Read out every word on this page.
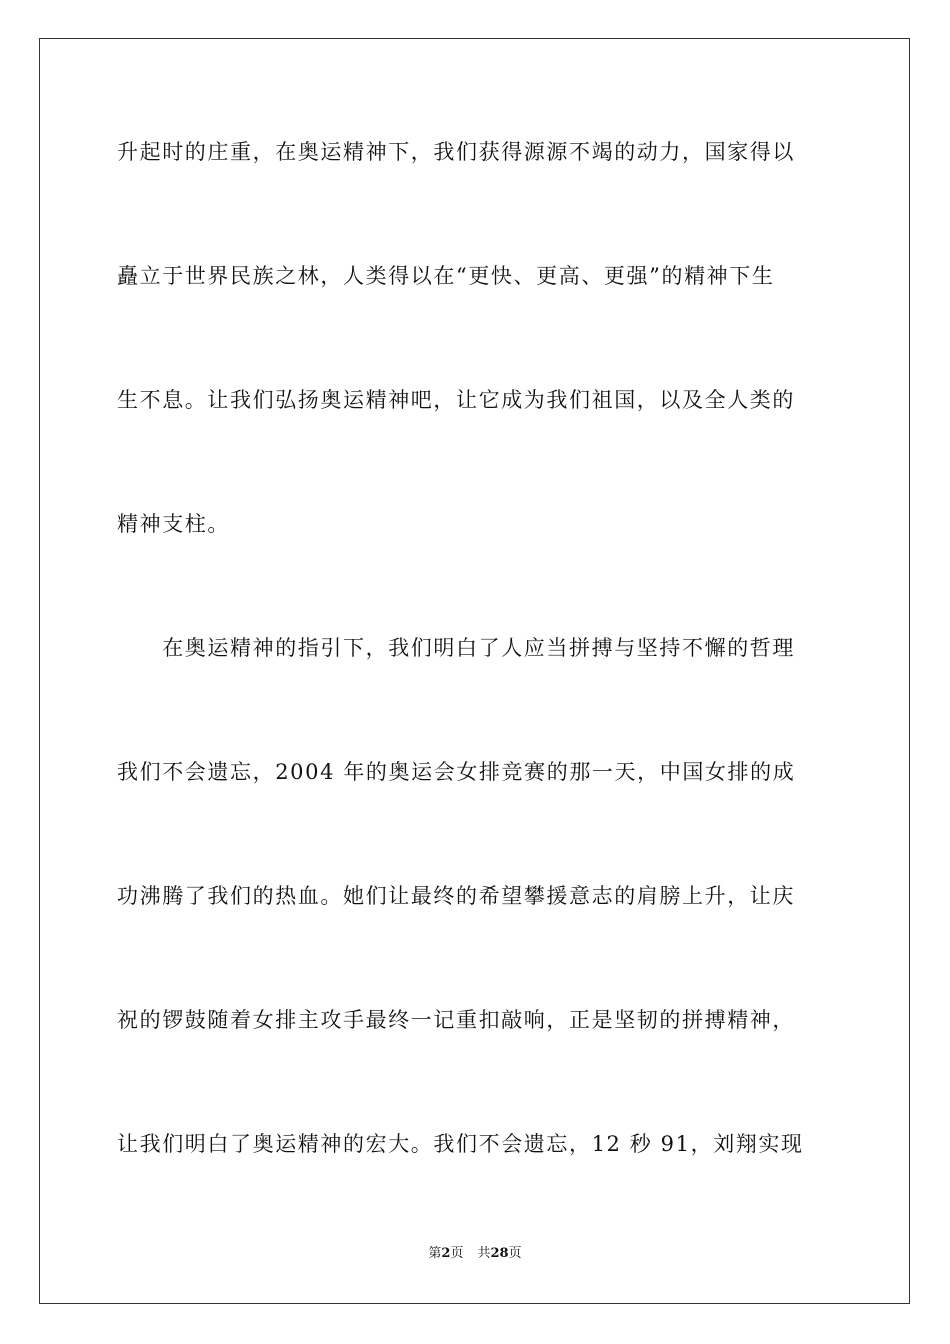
升起时的庄重，在奥运精神下，我们获得源源不竭的动力，国家得以
矗立于世界民族之林，人类得以在“更快、更高、更强”的精神下生
生不息。让我们弘扬奥运精神吧，让它成为我们祖国，以及全人类的
精神支柱。
　　在奥运精神的指引下，我们明白了人应当拼搏与坚持不懈的哲理
我们不会遗忘，2004 年的奥运会女排竞赛的那一天，中国女排的成
功沸腾了我们的热血。她们让最终的希望攀援意志的肩膀上升，让庆
祝的锣鼓随着女排主攻手最终一记重扣敲响，正是坚韧的拼搏精神，
让我们明白了奥运精神的宏大。我们不会遗忘，12 秒 91，刘翔实现
第2页 共28页
